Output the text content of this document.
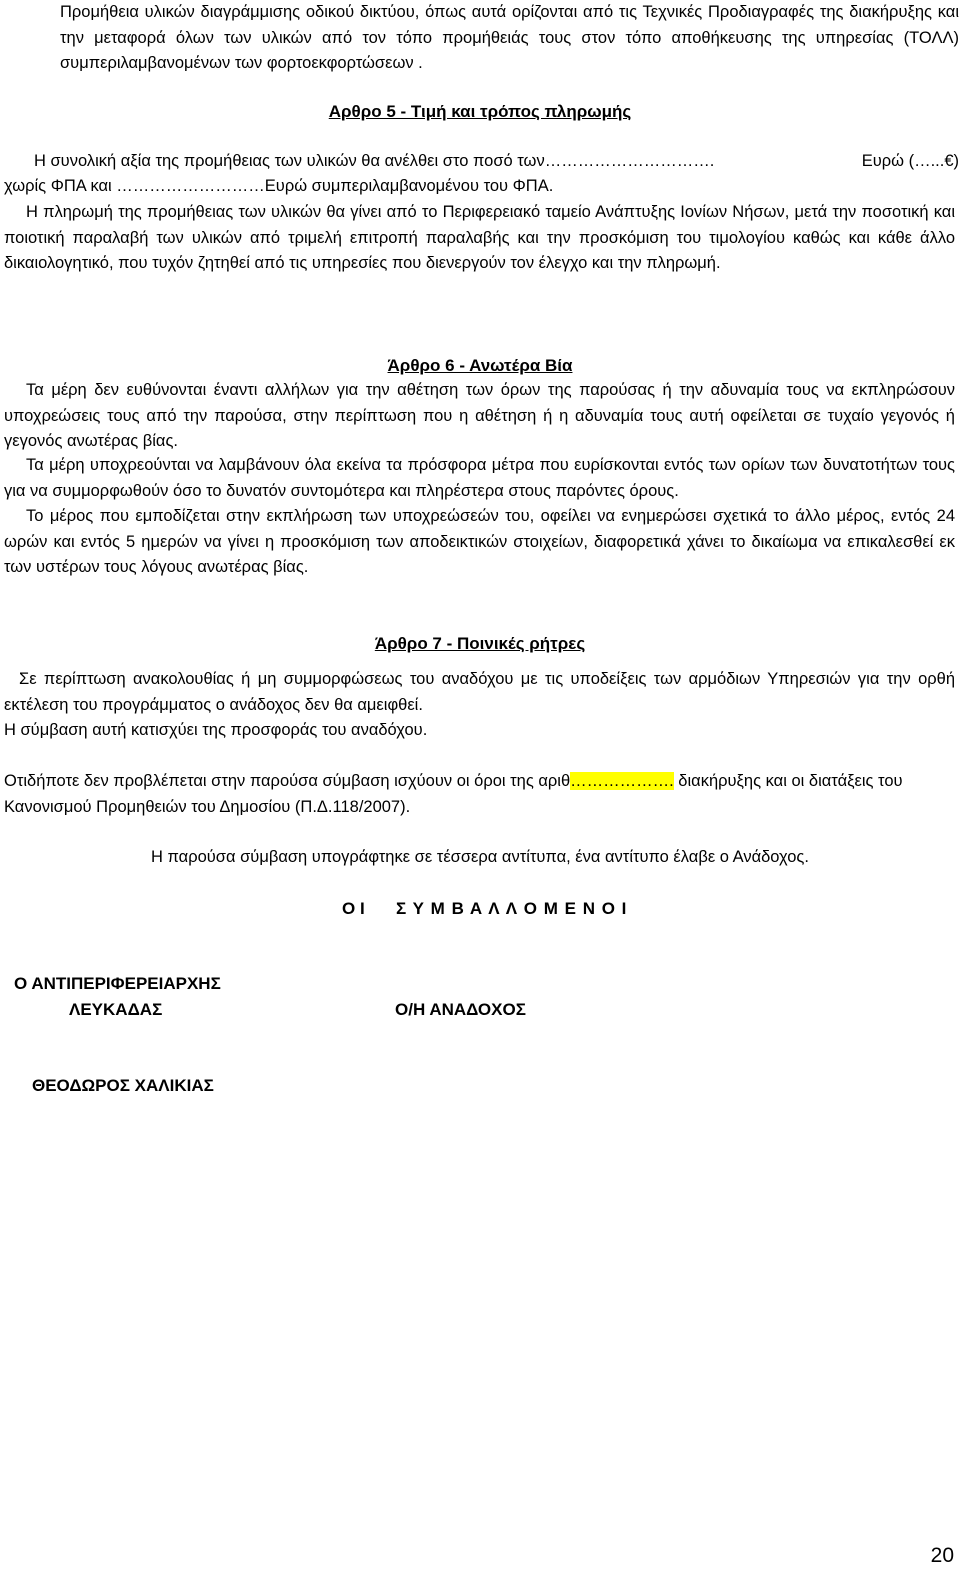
Προμήθεια υλικών διαγράμμισης οδικού δικτύου, όπως αυτά ορίζονται από τις Τεχνικές Προδιαγραφές της διακήρυξης και την μεταφορά όλων των υλικών από τον τόπο προμήθειάς τους στον τόπο αποθήκευσης της υπηρεσίας (ΤΟΛΛ) συμπεριλαμβανομένων των φορτοεκφορτώσεων .

Αρθρο 5 - Τιμή και τρόπος πληρωμής

Η συνολική αξία της προμήθειας των υλικών θα ανέλθει στο ποσό των………………………….	Ευρώ (…...€)

χωρίς ΦΠΑ και ………………………Ευρώ συμπεριλαμβανομένου του ΦΠΑ.

Η πληρωμή της προμήθειας των υλικών θα γίνει από το Περιφερειακό ταμείο Ανάπτυξης Ιονίων Νήσων, μετά την ποσοτική και ποιοτική παραλαβή των υλικών από τριμελή επιτροπή παραλαβής και την προσκόμιση του τιμολογίου καθώς και κάθε άλλο δικαιολογητικό, που τυχόν ζητηθεί από τις υπηρεσίες που διενεργούν τον έλεγχο και την πληρωμή.

Άρθρο 6 - Ανωτέρα Βία

Τα μέρη δεν ευθύνονται έναντι αλλήλων για την αθέτηση των όρων της παρούσας ή την αδυναμία τους να εκπληρώσουν υποχρεώσεις τους από την παρούσα, στην περίπτωση που η αθέτηση ή η αδυναμία τους αυτή οφείλεται σε τυχαίο γεγονός ή γεγονός ανωτέρας βίας.

Τα μέρη υποχρεούνται να λαμβάνουν όλα εκείνα τα πρόσφορα μέτρα που ευρίσκονται εντός των ορίων των δυνατοτήτων τους για να συμμορφωθούν όσο το δυνατόν συντομότερα και πληρέστερα στους παρόντες όρους.

Το μέρος που εμποδίζεται στην εκπλήρωση των υποχρεώσεών του, οφείλει να ενημερώσει σχετικά το άλλο μέρος, εντός 24 ωρών και εντός 5 ημερών να γίνει η προσκόμιση των αποδεικτικών στοιχείων, διαφορετικά χάνει το δικαίωμα να επικαλεσθεί εκ των υστέρων τους λόγους ανωτέρας βίας.

Άρθρο 7 - Ποινικές ρήτρες

Σε περίπτωση ανακολουθίας ή μη συμμορφώσεως του αναδόχου με τις υποδείξεις των αρμόδιων Υπηρεσιών για την ορθή εκτέλεση του προγράμματος ο ανάδοχος δεν θα αμειφθεί.

Η σύμβαση αυτή κατισχύει της προσφοράς του αναδόχου.

Οτιδήποτε δεν προβλέπεται στην παρούσα σύμβαση ισχύουν οι όροι της αριθ………………. διακήρυξης και οι διατάξεις του Κανονισμού Προμηθειών του Δημοσίου (Π.Δ.118/2007).

Η παρούσα σύμβαση υπογράφτηκε σε τέσσερα αντίτυπα, ένα αντίτυπο έλαβε ο Ανάδοχος.

Ο Ι Σ Υ Μ Β Α Λ Λ Ο Μ Ε Ν Ο Ι

Ο ΑΝΤΙΠΕΡΙΦΕΡΕΙΑΡΧΗΣ

ΛΕΥΚΑΔΑΣ	Ο/Η ΑΝΑΔΟΧΟΣ

ΘΕΟΔΩΡΟΣ ΧΑΛΙΚΙΑΣ

20
